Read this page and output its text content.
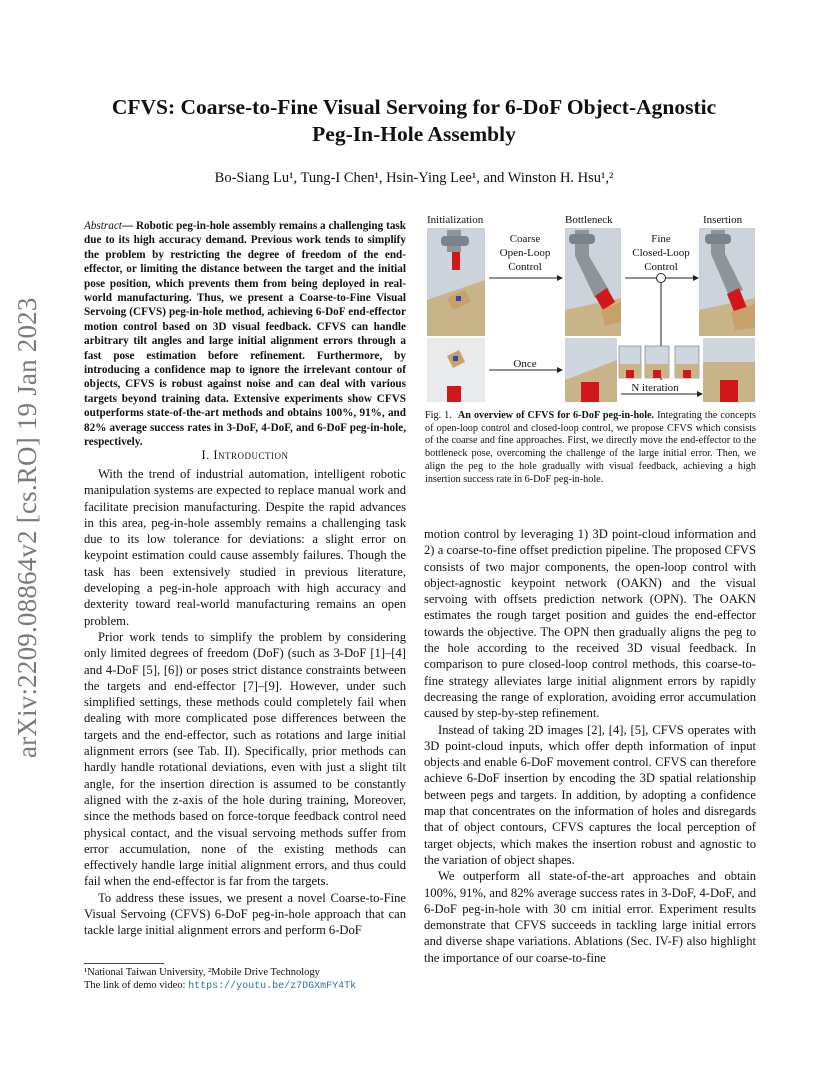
CFVS: Coarse-to-Fine Visual Servoing for 6-DoF Object-Agnostic
Peg-In-Hole Assembly
Bo-Siang Lu¹, Tung-I Chen¹, Hsin-Ying Lee¹, and Winston H. Hsu¹,²
arXiv:2209.08864v2 [cs.RO] 19 Jan 2023
Abstract— Robotic peg-in-hole assembly remains a challenging task due to its high accuracy demand. Previous work tends to simplify the problem by restricting the degree of freedom of the end-effector, or limiting the distance between the target and the initial pose position, which prevents them from being deployed in real-world manufacturing. Thus, we present a Coarse-to-Fine Visual Servoing (CFVS) peg-in-hole method, achieving 6-DoF end-effector motion control based on 3D visual feedback. CFVS can handle arbitrary tilt angles and large initial alignment errors through a fast pose estimation before refinement. Furthermore, by introducing a confidence map to ignore the irrelevant contour of objects, CFVS is robust against noise and can deal with various targets beyond training data. Extensive experiments show CFVS outperforms state-of-the-art methods and obtains 100%, 91%, and 82% average success rates in 3-DoF, 4-DoF, and 6-DoF peg-in-hole, respectively.
I. Introduction

With the trend of industrial automation, intelligent robotic manipulation systems are expected to replace manual work and facilitate precision manufacturing. Despite the rapid advances in this area, peg-in-hole assembly remains a challenging task due to its low tolerance for deviations: a slight error on keypoint estimation could cause assembly failures. Though the task has been extensively studied in previous literature, developing a peg-in-hole approach with high accuracy and dexterity toward real-world manufacturing remains an open problem.

Prior work tends to simplify the problem by considering only limited degrees of freedom (DoF) (such as 3-DoF [1]–[4] and 4-DoF [5], [6]) or poses strict distance constraints between the targets and end-effector [7]–[9]. However, under such simplified settings, these methods could completely fail when dealing with more complicated pose differences between the targets and the end-effector, such as rotations and large initial alignment errors (see Tab. II). Specifically, prior methods can hardly handle rotational deviations, even with just a slight tilt angle, for the insertion direction is assumed to be constantly aligned with the z-axis of the hole during training, Moreover, since the methods based on force-torque feedback control need physical contact, and the visual servoing methods suffer from error accumulation, none of the existing methods can effectively handle large initial alignment errors, and thus could fail when the end-effector is far from the targets.

To address these issues, we present a novel Coarse-to-Fine Visual Servoing (CFVS) 6-DoF peg-in-hole approach that can tackle large initial alignment errors and perform 6-DoF

¹National Taiwan University, ²Mobile Drive Technology
The link of demo video: https://youtu.be/z7DGXmFY4Tk
Initialization	Bottleneck	Insertion
Coarse
Open-Loop
Control
Fine
Closed-Loop
Control
Once
N iteration
Fig. 1. An overview of CFVS for 6-DoF peg-in-hole. Integrating the concepts of open-loop control and closed-loop control, we propose CFVS which consists of the coarse and fine approaches. First, we directly move the end-effector to the bottleneck pose, overcoming the challenge of the large initial error. Then, we align the peg to the hole gradually with visual feedback, achieving a high insertion success rate in 6-DoF peg-in-hole.

motion control by leveraging 1) 3D point-cloud information and 2) a coarse-to-fine offset prediction pipeline. The proposed CFVS consists of two major components, the open-loop control with object-agnostic keypoint network (OAKN) and the visual servoing with offsets prediction network (OPN). The OAKN estimates the rough target position and guides the end-effector towards the objective. The OPN then gradually aligns the peg to the hole according to the received 3D visual feedback. In comparison to pure closed-loop control methods, this coarse-to-fine strategy alleviates large initial alignment errors by rapidly decreasing the range of exploration, avoiding error accumulation caused by step-by-step refinement.

Instead of taking 2D images [2], [4], [5], CFVS operates with 3D point-cloud inputs, which offer depth information of input objects and enable 6-DoF movement control. CFVS can therefore achieve 6-DoF insertion by encoding the 3D spatial relationship between pegs and targets. In addition, by adopting a confidence map that concentrates on the information of holes and disregards that of object contours, CFVS captures the local perception of target objects, which makes the insertion robust and agnostic to the variation of object shapes.

We outperform all state-of-the-art approaches and obtain 100%, 91%, and 82% average success rates in 3-DoF, 4-DoF, and 6-DoF peg-in-hole with 30 cm initial error. Experiment results demonstrate that CFVS succeeds in tackling large initial errors and diverse shape variations. Ablations (Sec. IV-F) also highlight the importance of our coarse-to-fine
